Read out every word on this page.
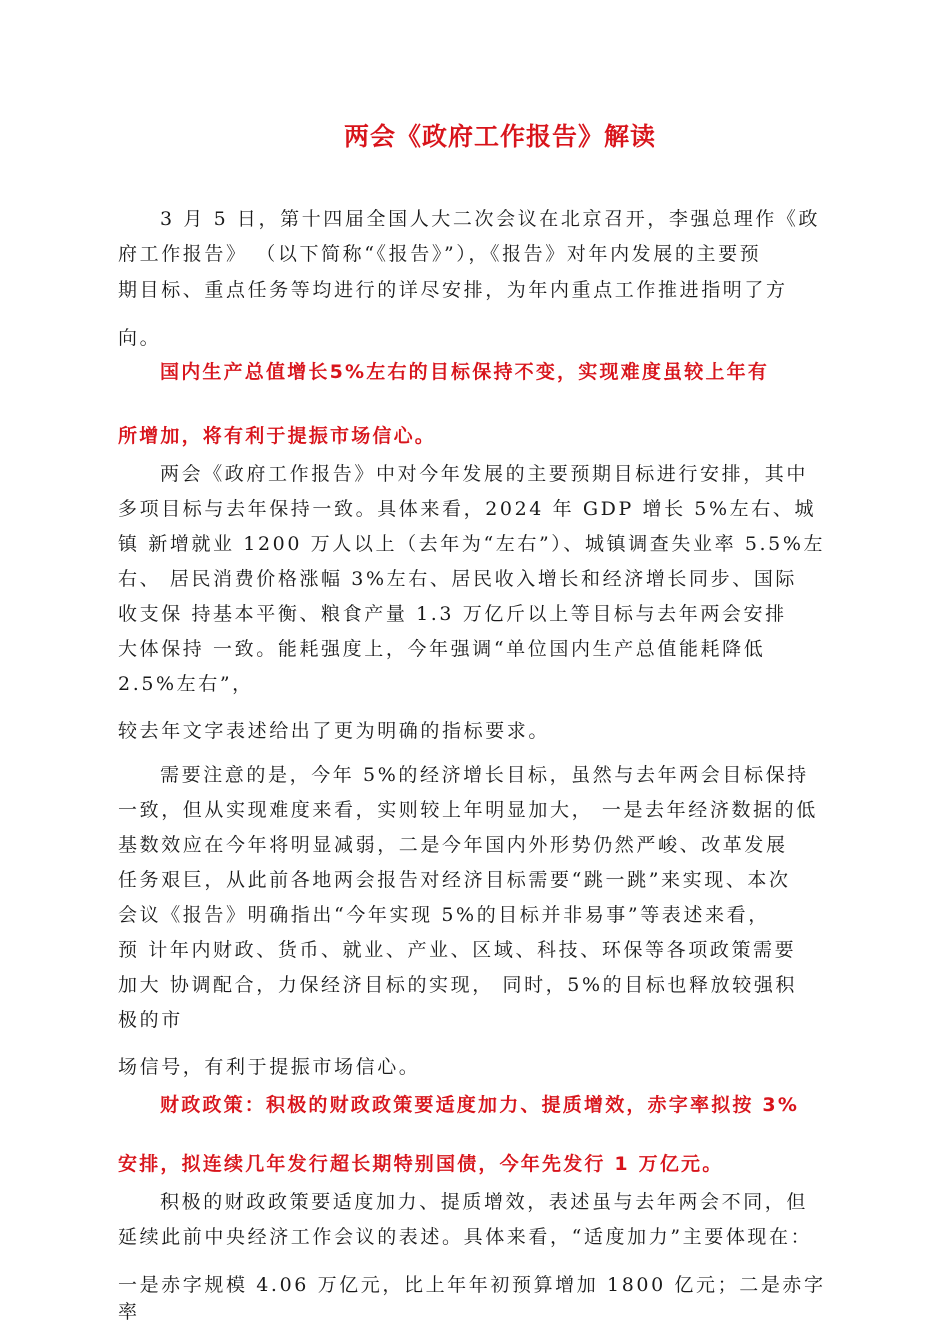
两会《政府工作报告》解读
3 月 5 日，第十四届全国人大二次会议在北京召开，李强总理作《政
府工作报告》 （以下简称“《报告》”），《报告》对年内发展的主要预
期目标、重点任务等均进行的详尽安排，为年内重点工作推进指明了方
向。
国内生产总值增长5%左右的目标保持不变，实现难度虽较上年有
所增加，将有利于提振市场信心。
两会《政府工作报告》中对今年发展的主要预期目标进行安排，其中
多项目标与去年保持一致。具体来看，2024 年 GDP 增长 5%左右、城
镇 新增就业 1200 万人以上（去年为“左右”）、城镇调查失业率 5.5%左
右、 居民消费价格涨幅 3%左右、居民收入增长和经济增长同步、国际
收支保 持基本平衡、粮食产量 1.3 万亿斤以上等目标与去年两会安排
大体保持 一致。能耗强度上，今年强调“单位国内生产总值能耗降低
2.5%左右”，
较去年文字表述给出了更为明确的指标要求。
需要注意的是，今年 5%的经济增长目标，虽然与去年两会目标保持
一致，但从实现难度来看，实则较上年明显加大， 一是去年经济数据的低
基数效应在今年将明显减弱，二是今年国内外形势仍然严峻、改革发展
任务艰巨，从此前各地两会报告对经济目标需要“跳一跳”来实现、本次
会议《报告》明确指出“今年实现 5%的目标并非易事”等表述来看，
预 计年内财政、货币、就业、产业、区域、科技、环保等各项政策需要
加大 协调配合，力保经济目标的实现， 同时，5%的目标也释放较强积
极的市
场信号，有利于提振市场信心。
财政政策：积极的财政政策要适度加力、提质增效，赤字率拟按 3%
安排，拟连续几年发行超长期特别国债，今年先发行 1 万亿元。
积极的财政政策要适度加力、提质增效，表述虽与去年两会不同，但
延续此前中央经济工作会议的表述。具体来看，“适度加力”主要体现在：
一是赤字规模 4.06 万亿元，比上年年初预算增加 1800 亿元；二是赤字
率
